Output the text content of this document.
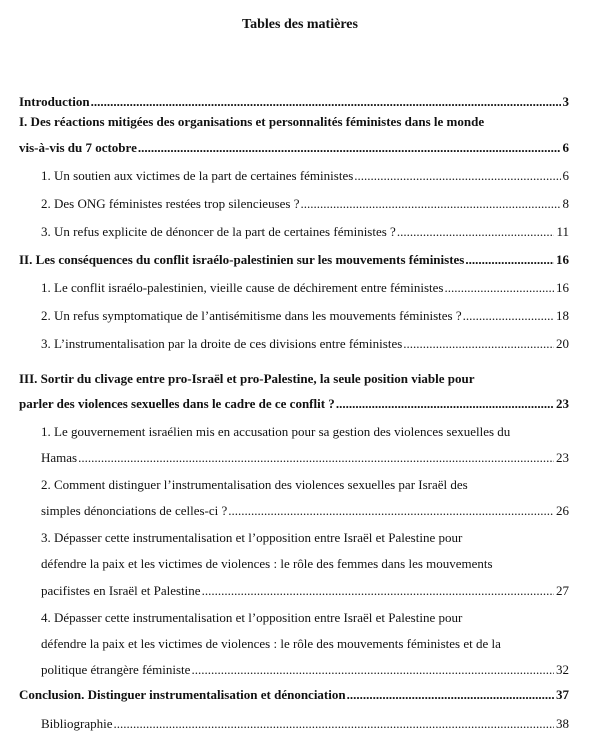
Tables des matières
Introduction .....	3
I. Des réactions mitigées des organisations et personnalités féministes dans le monde
vis-à-vis du 7 octobre .....	6
1. Un soutien aux victimes de la part de certaines féministes .....	6
2. Des ONG féministes restées trop silencieuses ? .....	8
3. Un refus explicite de dénoncer de la part de certaines féministes ? .....	11
II. Les conséquences du conflit israélo-palestinien sur les mouvements féministes .....	16
1. Le conflit israélo-palestinien, vieille cause de déchirement entre féministes .....	16
2. Un refus symptomatique de l’antisémitisme dans les mouvements féministes ? .....	18
3. L’instrumentalisation par la droite de ces divisions entre féministes .....	20
III. Sortir du clivage entre pro-Israël et pro-Palestine, la seule position viable pour
parler des violences sexuelles dans le cadre de ce conflit ? .....	23
1. Le gouvernement israélien mis en accusation pour sa gestion des violences sexuelles du
Hamas .....	23
2. Comment distinguer l’instrumentalisation des violences sexuelles par Israël des
simples dénonciations de celles-ci ? .....	26
3. Dépasser cette instrumentalisation et l’opposition entre Israël et Palestine pour
défendre la paix et les victimes de violences : le rôle des femmes dans les mouvements
pacifistes en Israël et Palestine .....	27
4. Dépasser cette instrumentalisation et l’opposition entre Israël et Palestine pour
défendre la paix et les victimes de violences : le rôle des mouvements féministes et de la
politique étrangère féministe .....	32
Conclusion. Distinguer instrumentalisation et dénonciation .....	37
Bibliographie .....	38
